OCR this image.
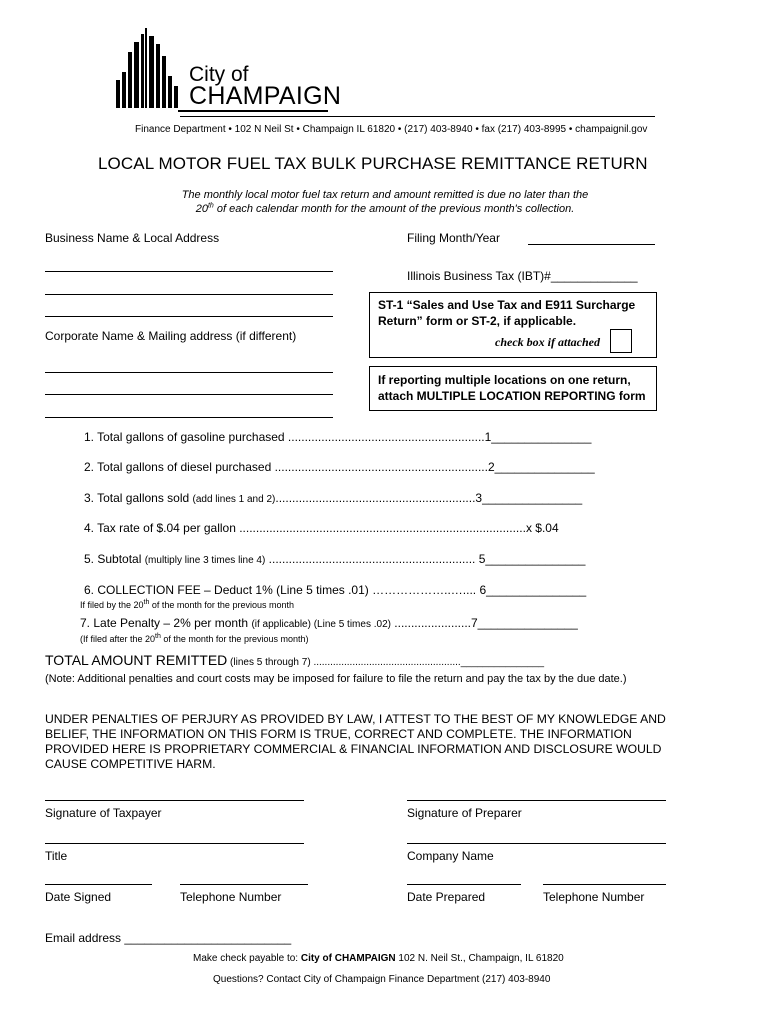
City of
CHAMPAIGN
Finance Department • 102 N Neil St • Champaign IL 61820 • (217) 403-8940 • fax (217) 403-8995 • champaignil.gov
LOCAL MOTOR FUEL TAX BULK PURCHASE REMITTANCE RETURN
The monthly local motor fuel tax return and amount remitted is due no later than the
20th of each calendar month for the amount of the previous month's collection.
Business Name & Local Address
Corporate Name & Mailing address (if different)
Filing Month/Year
Illinois Business Tax (IBT)#_____________
ST-1 “Sales and Use Tax and E911 Surcharge
Return” form or ST-2, if applicable.
check box if attached
If reporting multiple locations on one return,
attach MULTIPLE LOCATION REPORTING form
1. Total gallons of gasoline purchased ...........................................................1_______________
2. Total gallons of diesel purchased ................................................................2_______________
3. Total gallons sold (add lines 1 and 2)............................................................3_______________
4. Tax rate of $.04 per gallon ......................................................................................x $.04
5. Subtotal (multiply line 3 times line 4) .............................................................. 5_______________
6. COLLECTION FEE – Deduct 1% (Line 5 times .01) ………………..….... 6_______________
If filed by the 20th of the month for the previous month
7. Late Penalty – 2% per month (if applicable) (Line 5 times .02) .......................7_______________
(If filed after the 20th of the month for the previous month)
TOTAL AMOUNT REMITTED (lines 5 through 7) ....................................................._______________
(Note: Additional penalties and court costs may be imposed for failure to file the return and pay the tax by the due date.)
UNDER PENALTIES OF PERJURY AS PROVIDED BY LAW, I ATTEST TO THE BEST OF MY KNOWLEDGE AND
BELIEF, THE INFORMATION ON THIS FORM IS TRUE, CORRECT AND COMPLETE. THE INFORMATION
PROVIDED HERE IS PROPRIETARY COMMERCIAL & FINANCIAL INFORMATION AND DISCLOSURE WOULD
CAUSE COMPETITIVE HARM.
Signature of Taxpayer	Signature of Preparer
Title	Company Name
Date Signed	Telephone Number	Date Prepared	Telephone Number
Email address _________________________
Make check payable to: City of CHAMPAIGN 102 N. Neil St., Champaign, IL 61820
Questions? Contact City of Champaign Finance Department (217) 403-8940
